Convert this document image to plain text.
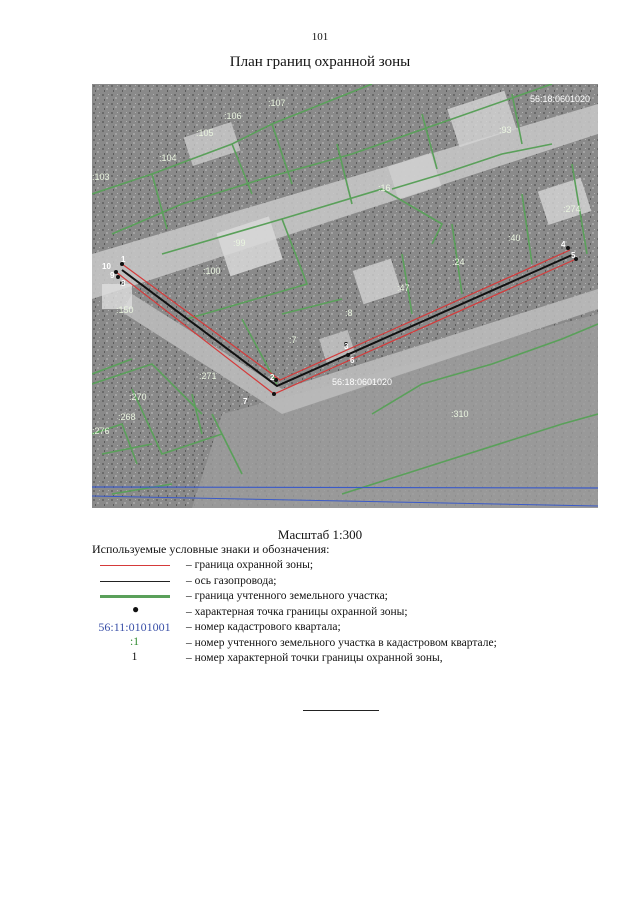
101
План границ охранной зоны
56:18:0601020
56:18:0601020
:107
:106
:105
:104
:103
:93
:16
:274
:40
:99
:100
:24
:47
:8
:150
:7
:271
:270
:268
:276
:310
1
10
9
8
2
7
3
6
4
5
Масштаб 1:300
Используемые условные знаки и обозначения:
– граница охранной зоны;
– ось газопровода;
– граница учтенного земельного участка;
●	– характерная точка границы охранной зоны;
56:11:0101001	– номер кадастрового квартала;
:1	– номер учтенного земельного участка в кадастровом квартале;
1	– номер характерной точки границы охранной зоны,
